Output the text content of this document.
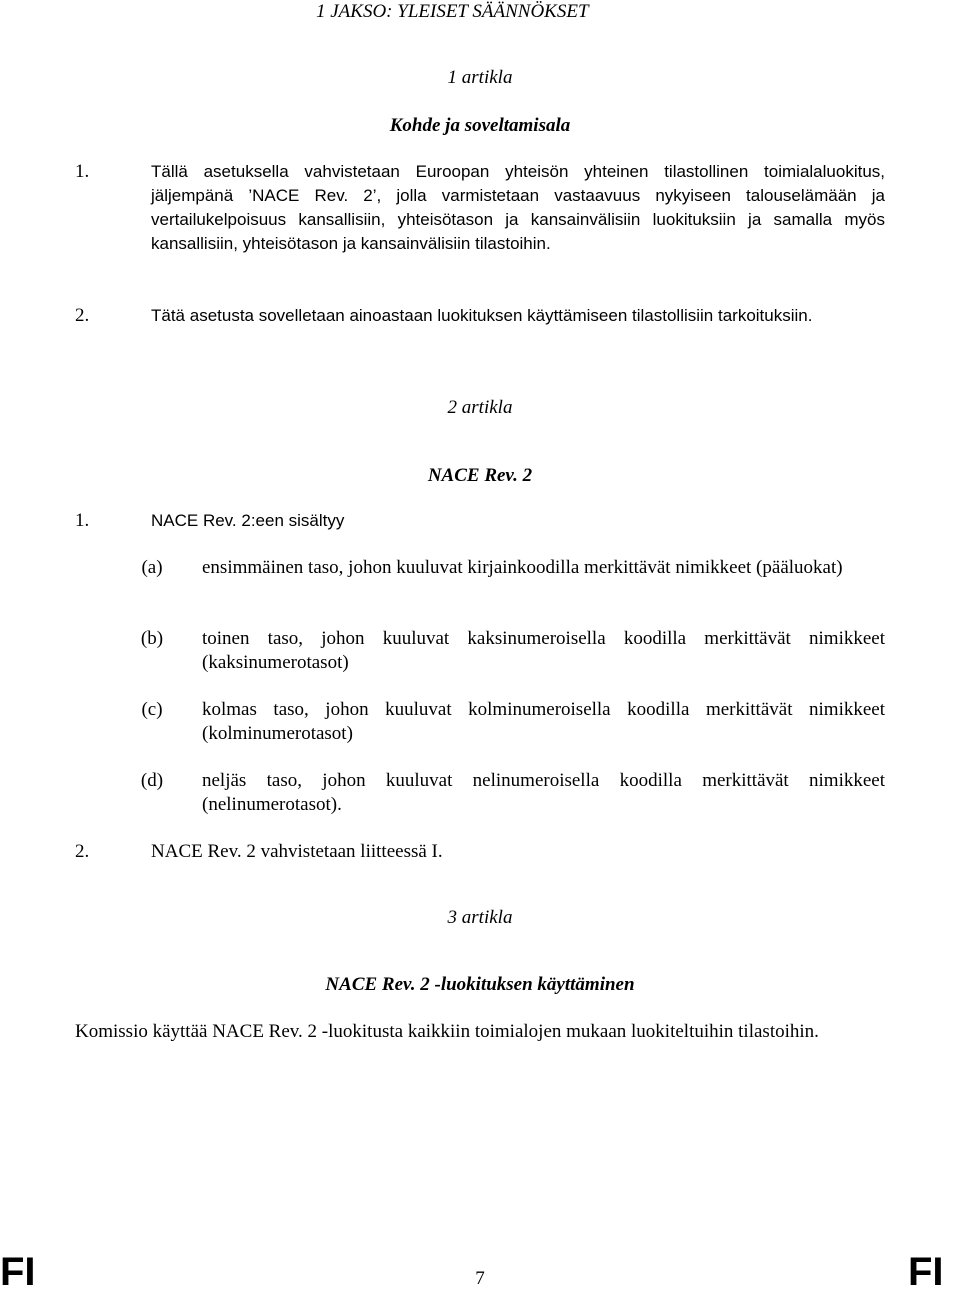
1 JAKSO: YLEISET SÄÄNNÖKSET
1 artikla
Kohde ja soveltamisala
1.	Tällä asetuksella vahvistetaan Euroopan yhteisön yhteinen tilastollinen toimialaluokitus, jäljempänä ’NACE Rev. 2’, jolla varmistetaan vastaavuus nykyiseen talouselämään ja vertailukelpoisuus kansallisiin, yhteisötason ja kansainvälisiin luokituksiin ja samalla myös kansallisiin, yhteisötason ja kansainvälisiin tilastoihin.
2.	Tätä asetusta sovelletaan ainoastaan luokituksen käyttämiseen tilastollisiin tarkoituksiin.
2 artikla
NACE Rev. 2
1.	NACE Rev. 2:een sisältyy
(a)	ensimmäinen taso, johon kuuluvat kirjainkoodilla merkittävät nimikkeet (pääluokat)
(b)	toinen taso, johon kuuluvat kaksinumeroisella koodilla merkittävät nimikkeet (kaksinumerotasot)
(c)	kolmas taso, johon kuuluvat kolminumeroisella koodilla merkittävät nimikkeet (kolminumerotasot)
(d)	neljäs taso, johon kuuluvat nelinumeroisella koodilla merkittävät nimikkeet (nelinumerotasot).
2.	NACE Rev. 2 vahvistetaan liitteessä I.
3 artikla
NACE Rev. 2 -luokituksen käyttäminen
Komissio käyttää NACE Rev. 2 -luokitusta kaikkiin toimialojen mukaan luokiteltuihin tilastoihin.
FI	7	FI
